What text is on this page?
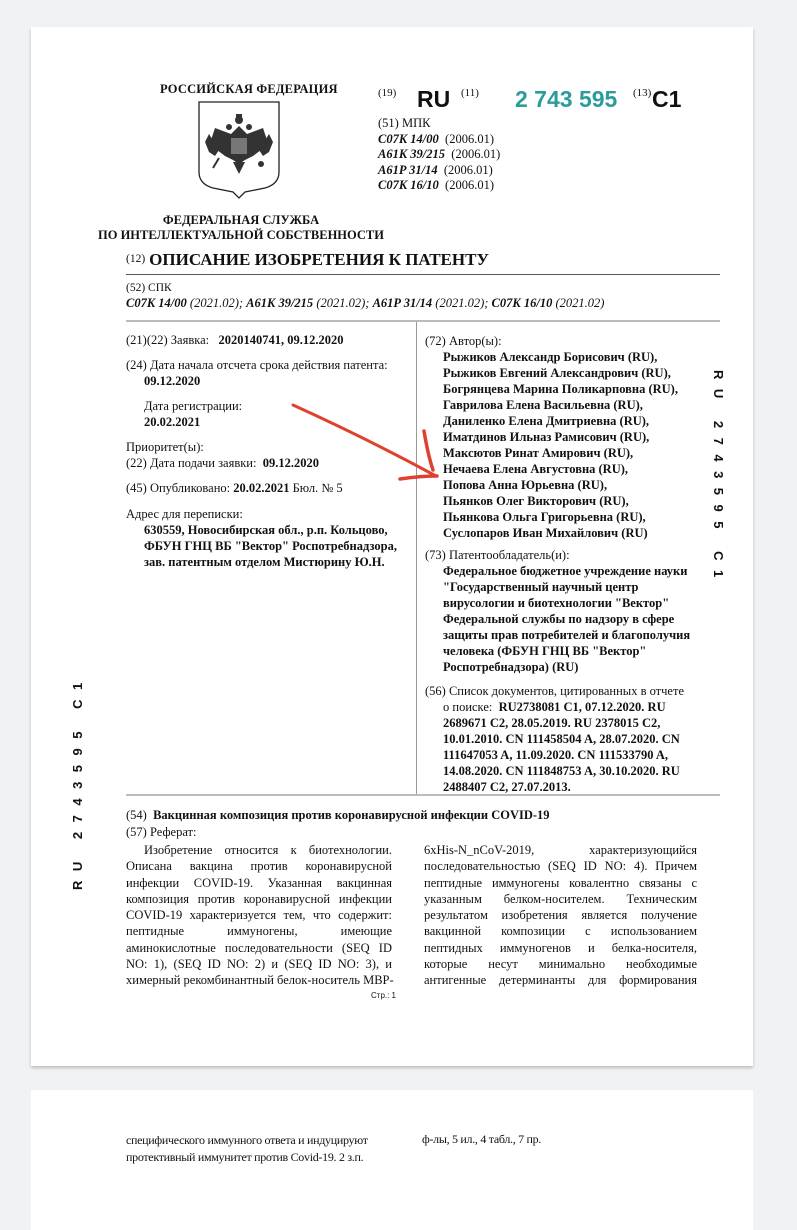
РОССИЙСКАЯ ФЕДЕРАЦИЯ
ФЕДЕРАЛЬНАЯ СЛУЖБА
ПО ИНТЕЛЛЕКТУАЛЬНОЙ СОБСТВЕННОСТИ
(19) RU (11) 2 743 595 (13) C1
(51) МПК
C07K 14/00 (2006.01)
A61K 39/215 (2006.01)
A61P 31/14 (2006.01)
C07K 16/10 (2006.01)
(12) ОПИСАНИЕ ИЗОБРЕТЕНИЯ К ПАТЕНТУ
(52) СПК
C07K 14/00 (2021.02); A61K 39/215 (2021.02); A61P 31/14 (2021.02); C07K 16/10 (2021.02)
(21)(22) Заявка: 2020140741, 09.12.2020
(24) Дата начала отсчета срока действия патента:
09.12.2020
Дата регистрации:
20.02.2021
Приоритет(ы):
(22) Дата подачи заявки: 09.12.2020
(45) Опубликовано: 20.02.2021 Бюл. № 5
Адрес для переписки:
630559, Новосибирская обл., р.п. Кольцово,
ФБУН ГНЦ ВБ "Вектор" Роспотребнадзора,
зав. патентным отделом Мистюрину Ю.Н.
(72) Автор(ы):
Рыжиков Александр Борисович (RU),
Рыжиков Евгений Александрович (RU),
Богрянцева Марина Поликарповна (RU),
Гаврилова Елена Васильевна (RU),
Даниленко Елена Дмитриевна (RU),
Иматдинов Ильназ Рамисович (RU),
Максютов Ринат Амирович (RU),
Нечаева Елена Августовна (RU),
Попова Анна Юрьевна (RU),
Пьянков Олег Викторович (RU),
Пьянкова Ольга Григорьевна (RU),
Суслопаров Иван Михайлович (RU)
(73) Патентообладатель(и):
Федеральное бюджетное учреждение науки
"Государственный научный центр
вирусологии и биотехнологии "Вектор"
Федеральной службы по надзору в сфере
защиты прав потребителей и благополучия
человека (ФБУН ГНЦ ВБ "Вектор"
Роспотребнадзора) (RU)
(56) Список документов, цитированных в отчете
о поиске: RU2738081 C1, 07.12.2020. RU
2689671 C2, 28.05.2019. RU 2378015 C2,
10.01.2010. CN 111458504 A, 28.07.2020. CN
111647053 A, 11.09.2020. CN 111533790 A,
14.08.2020. CN 111848753 A, 30.10.2020. RU
2488407 C2, 27.07.2013.
RU 2743595 C1
RU 2743595 C1
(54) Вакцинная композиция против коронавирусной инфекции COVID-19
(57) Реферат:
Изобретение относится к биотехнологии.
Описана вакцина против коронавирусной
инфекции COVID-19. Указанная вакцинная
композиция против коронавирусной инфекции
COVID-19 характеризуется тем, что содержит:
пептидные иммуногены, имеющие
аминокислотные последовательности (SEQ ID
NO: 1), (SEQ ID NO: 2) и (SEQ ID NO: 3), и
химерный рекомбинантный белок-носитель MBP-
6xHis-N_nCoV-2019, характеризующийся
последовательностью (SEQ ID NO: 4). Причем
пептидные иммуногены ковалентно связаны с
указанным белком-носителем. Техническим
результатом изобретения является получение
вакцинной композиции с использованием
пептидных иммуногенов и белка-носителя,
которые несут минимально необходимые
антигенные детерминанты для формирования
Стр.: 1
специфического иммунного ответа и индуцируют
протективный иммунитет против Covid-19. 2 з.п.
ф-лы, 5 ил., 4 табл., 7 пр.
